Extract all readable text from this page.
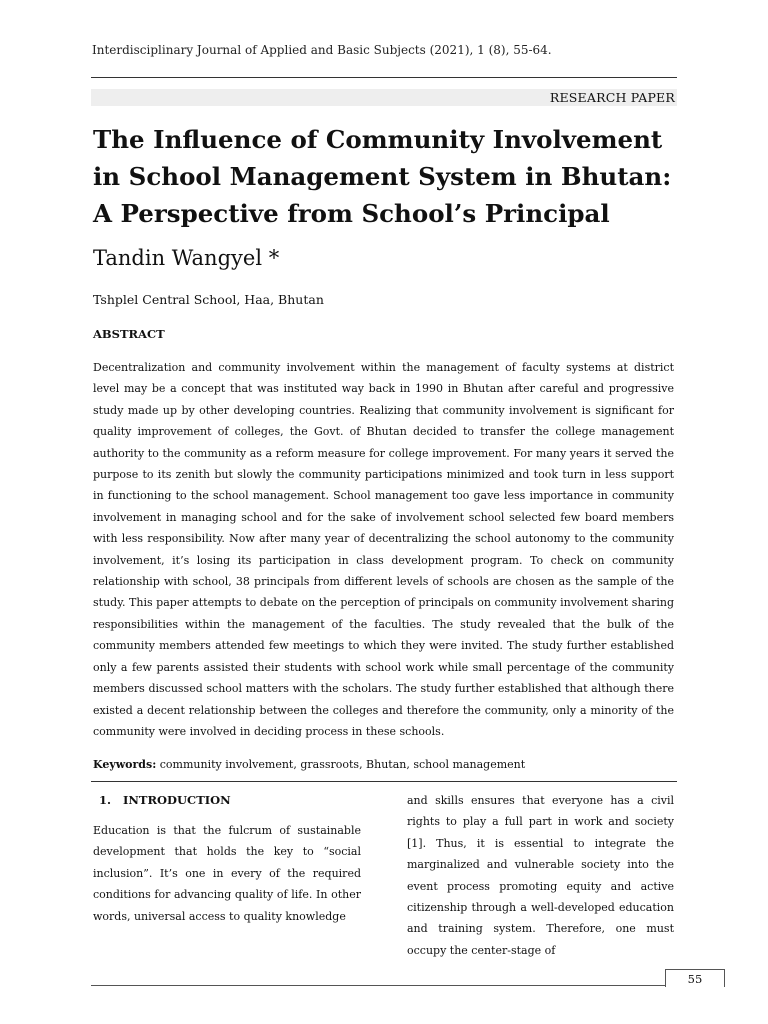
Interdisciplinary Journal of Applied and Basic Subjects (2021), 1 (8), 55-64.
RESEARCH PAPER
The Influence of Community Involvement in School Management System in Bhutan: A Perspective from School’s Principal
Tandin Wangyel *
Tshplel Central School, Haa, Bhutan
ABSTRACT

Decentralization and community involvement within the management of faculty systems at district level may be a concept that was instituted way back in 1990 in Bhutan after careful and progressive study made up by other developing countries. Realizing that community involvement is significant for quality improvement of colleges, the Govt. of Bhutan decided to transfer the college management authority to the community as a reform measure for college improvement. For many years it served the purpose to its zenith but slowly the community participations minimized and took turn in less support in functioning to the school management. School management too gave less importance in community involvement in managing school and for the sake of involvement school selected few board members with less responsibility. Now after many year of decentralizing the school autonomy to the community involvement, it’s losing its participation in class development program. To check on community relationship with school, 38 principals from different levels of schools are chosen as the sample of the study. This paper attempts to debate on the perception of principals on community involvement sharing responsibilities within the management of the faculties. The study revealed that the bulk of the community members attended few meetings to which they were invited. The study further established only a few parents assisted their students with school work while small percentage of the community members discussed school matters with the scholars. The study further established that although there existed a decent relationship between the colleges and therefore the community, only a minority of the community were involved in deciding process in these schools.

Keywords: community involvement, grassroots, Bhutan, school management
1. INTRODUCTION

Education is that the fulcrum of sustainable development that holds the key to “social inclusion”. It’s one in every of the required conditions for advancing quality of life. In other words, universal access to quality knowledge

and skills ensures that everyone has a civil rights to play a full part in work and society [1]. Thus, it is essential to integrate the marginalized and vulnerable society into the event process promoting equity and active citizenship through a well-developed education and training system. Therefore, one must occupy the center-stage of

55
